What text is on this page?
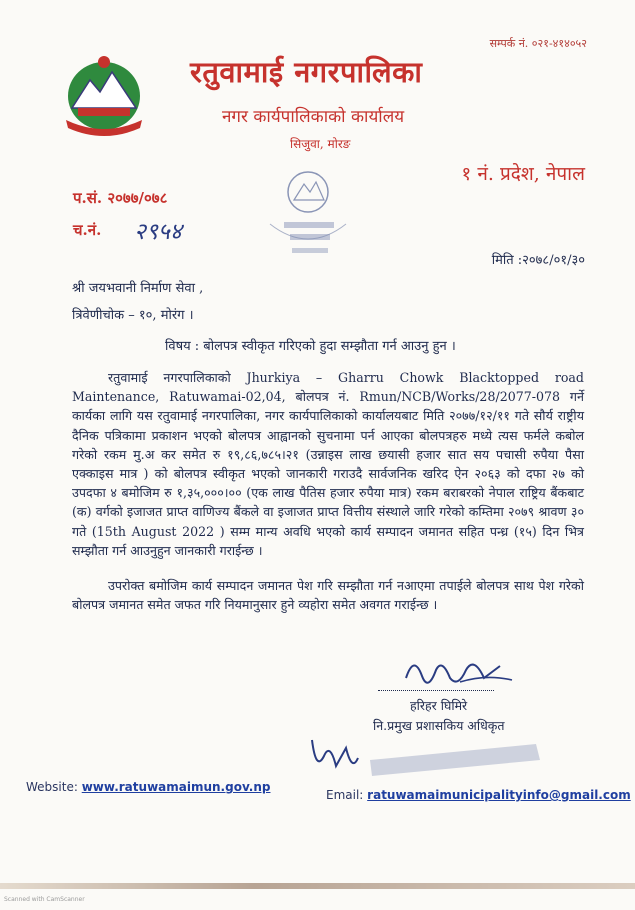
सम्पर्क नं. ०२१-४१४०५२
रतुवामाई नगरपालिका
नगर कार्यपालिकाको कार्यालय
सिजुवा, मोरङ
१ नं. प्रदेश, नेपाल
प.सं. २०७७/०७८
च.नं. २९५४
मिति :२०७८/०१/३०
श्री जयभवानी निर्माण सेवा ,
त्रिवेणीचोक – १०, मोरंग ।
विषय : बोलपत्र स्वीकृत गरिएको हुदा सम्झौता गर्न आउनु हुन ।

रतुवामाई नगरपालिकाको Jhurkiya – Gharru Chowk Blacktopped road Maintenance, Ratuwamai-02,04, बोलपत्र नं. Rmun/NCB/Works/28/2077-078 गर्ने कार्यका लागि यस रतुवामाई नगरपालिका, नगर कार्यपालिकाको कार्यालयबाट मिति २०७७/१२/११ गते सौर्य राष्ट्रीय दैनिक पत्रिकामा प्रकाशन भएको बोलपत्र आह्वानको सुचनामा पर्न आएका बोलपत्रहरु मध्ये त्यस फर्मले कबोल गरेको रकम मु.अ कर समेत रु १९,८६,७८५।२१ (उन्नाइस लाख छयासी हजार सात सय पचासी रुपैया पैसा एक्काइस मात्र ) को बोलपत्र स्वीकृत भएको जानकारी गराउदै सार्वजनिक खरिद ऐन २०६३ को दफा २७ को उपदफा ४ बमोजिम रु १,३५,०००।०० (एक लाख पैतिस हजार रुपैया मात्र) रकम बराबरको नेपाल राष्ट्रिय बैंकबाट (क) वर्गको इजाजत प्राप्त वाणिज्य बैंकले वा इजाजत प्राप्त वित्तीय संस्थाले जारि गरेको कम्तिमा २०७९ श्रावण ३० गते (15th August 2022 ) सम्म मान्य अवधि भएको कार्य सम्पादन जमानत सहित पन्ध्र (१५) दिन भित्र सम्झौता गर्न आउनुहुन जानकारी गराईन्छ ।

उपरोक्त बमोजिम कार्य सम्पादन जमानत पेश गरि सम्झौता गर्न नआएमा तपाईले बोलपत्र साथ पेश गरेको बोलपत्र जमानत समेत जफत गरि नियमानुसार हुने व्यहोरा समेत अवगत गराईन्छ ।

हरिहर घिमिरे
नि.प्रमुख प्रशासकिय अधिकृत
Website: www.ratuwamaimun.gov.np
Email: ratuwamaimunicipalityinfo@gmail.com
Scanned with CamScanner
